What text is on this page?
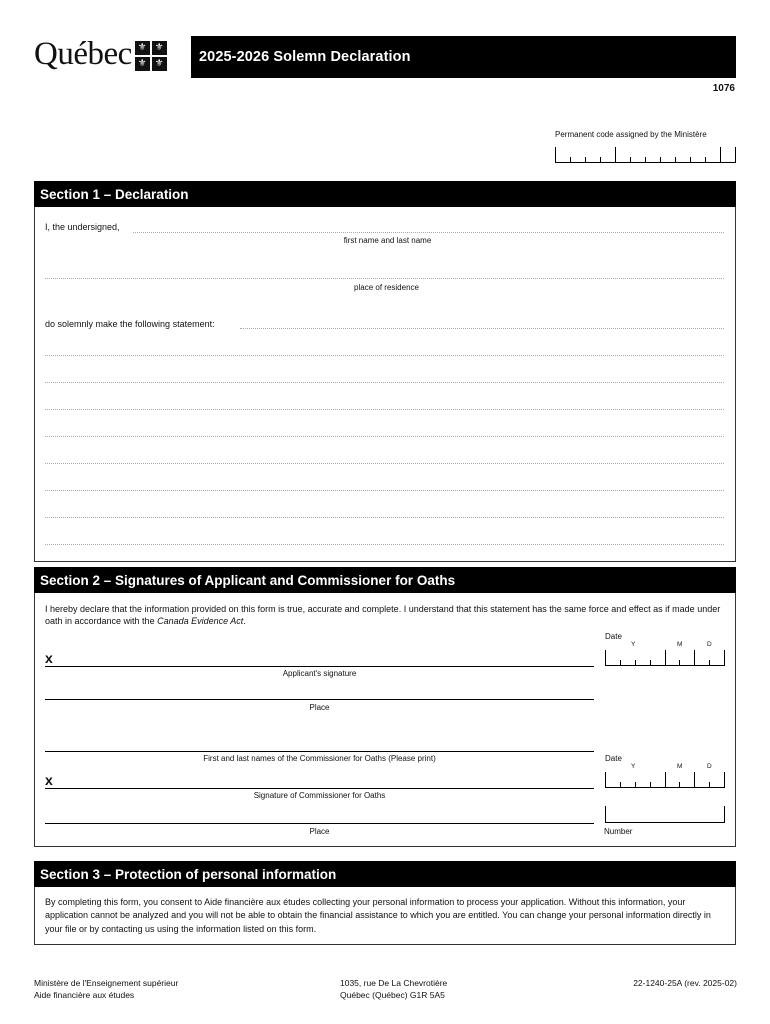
Québec ⚜ ⚜
⚜ ⚜	2025-2026 Solemn Declaration
1076
Permanent code assigned by the Ministère
Section 1 – Declaration
I, the undersigned,
first name and last name
place of residence
do solemnly make the following statement:
Section 2 – Signatures of Applicant and Commissioner for Oaths
I hereby declare that the information provided on this form is true, accurate and complete. I understand that this statement has the same force and effect as if made under oath in accordance with the Canada Evidence Act.
Date
Y	M	D
x
Applicant's signature
Place
First and last names of the Commissioner for Oaths (Please print)	Date
Y	M	D
x
Signature of Commissioner for Oaths
Place	Number
Section 3 – Protection of personal information
By completing this form, you consent to Aide financière aux études collecting your personal information to process your application. Without this information, your application cannot be analyzed and you will not be able to obtain the financial assistance to which you are entitled. You can change your personal information directly in your file or by contacting us using the information listed on this form.
Ministère de l'Enseignement supérieur
Aide financière aux études
1035, rue De La Chevrotière
Québec (Québec) G1R 5A5
22-1240-25A (rev. 2025-02)
